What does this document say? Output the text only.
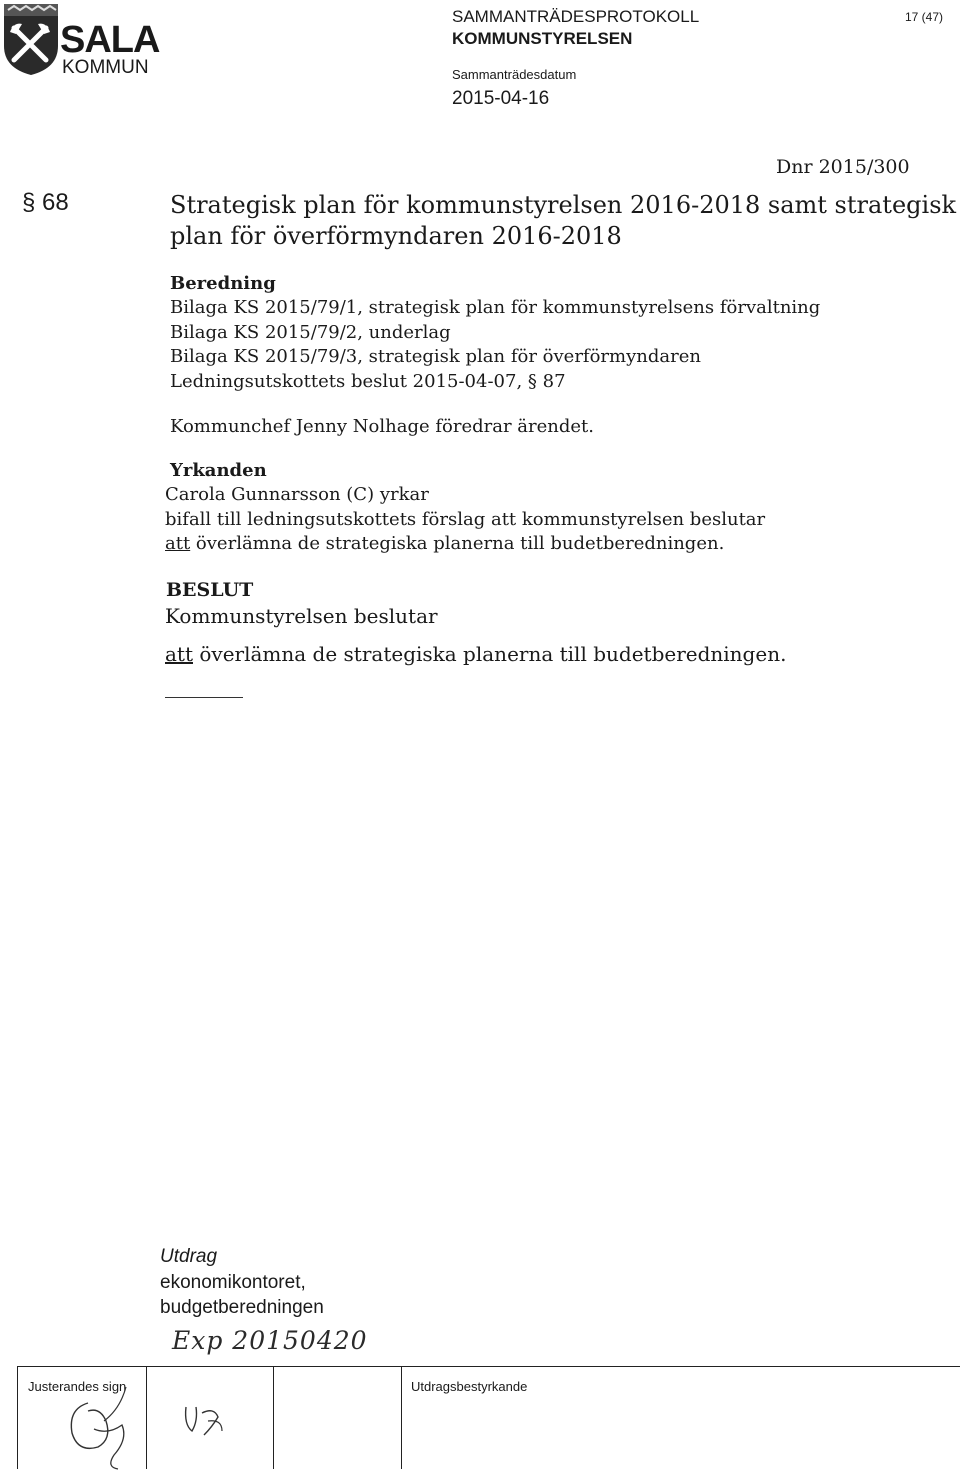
SALA
KOMMUN
SAMMANTRÄDESPROTOKOLL
KOMMUNSTYRELSEN
Sammanträdesdatum
2015-04-16
17 (47)
Dnr 2015/300
§ 68	Strategisk plan för kommunstyrelsen 2016-2018 samt strategisk
plan för överförmyndaren 2016-2018
Beredning
Bilaga KS 2015/79/1, strategisk plan för kommunstyrelsens förvaltning
Bilaga KS 2015/79/2, underlag
Bilaga KS 2015/79/3, strategisk plan för överförmyndaren
Ledningsutskottets beslut 2015-04-07, § 87
Kommunchef Jenny Nolhage föredrar ärendet.
Yrkanden
Carola Gunnarsson (C) yrkar
bifall till ledningsutskottets förslag att kommunstyrelsen beslutar
att överlämna de strategiska planerna till budetberedningen.
BESLUT
Kommunstyrelsen beslutar
att överlämna de strategiska planerna till budetberedningen.
Utdrag
ekonomikontoret,
budgetberedningen
Exp 20150420
Justerandes sign	Utdragsbestyrkande
